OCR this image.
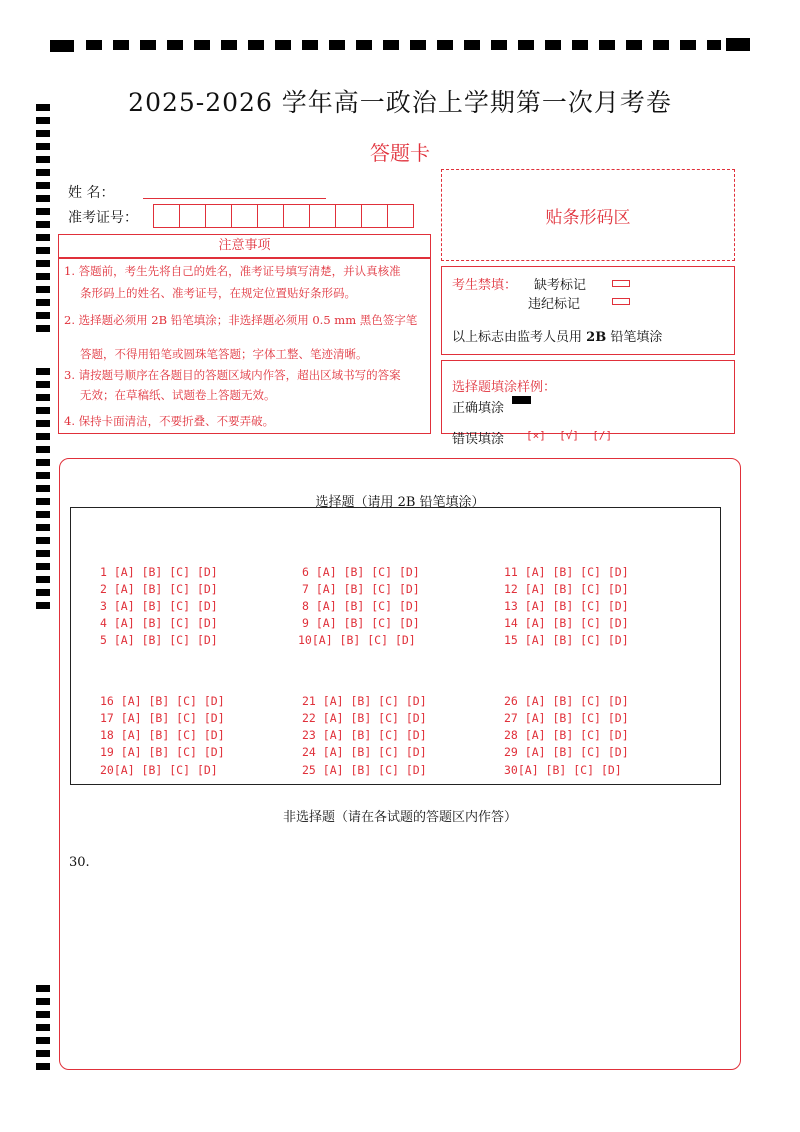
2025-2026 学年高一政治上学期第一次月考卷
答题卡
姓 名：
准考证号：	贴条形码区
注意事项
1. 答题前，考生先将自己的姓名，准考证号填写清楚，并认真核准
条形码上的姓名、准考证号，在规定位置贴好条形码。
2. 选择题必须用 2B 铅笔填涂；非选择题必须用 0.5 mm 黑色签字笔
答题，不得用铅笔或圆珠笔答题；字体工整、笔迹清晰。
3. 请按题号顺序在各题目的答题区域内作答，超出区域书写的答案
无效；在草稿纸、试题卷上答题无效。
4. 保持卡面清洁，不要折叠、不要弄破。
考生禁填： 缺考标记
违纪标记
以上标志由监考人员用 2B 铅笔填涂
选择题填涂样例：
正确填涂
错误填涂 [×]  [√]  [/]
选择题（请用 2B 铅笔填涂）
1 [A] [B] [C] [D]
2 [A] [B] [C] [D]
3 [A] [B] [C] [D]
4 [A] [B] [C] [D]
5 [A] [B] [C] [D]
6 [A] [B] [C] [D]
7 [A] [B] [C] [D]
8 [A] [B] [C] [D]
9 [A] [B] [C] [D]
10[A] [B] [C] [D]
11 [A] [B] [C] [D]
12 [A] [B] [C] [D]
13 [A] [B] [C] [D]
14 [A] [B] [C] [D]
15 [A] [B] [C] [D]
16 [A] [B] [C] [D]
17 [A] [B] [C] [D]
18 [A] [B] [C] [D]
19 [A] [B] [C] [D]
20[A] [B] [C] [D]
21 [A] [B] [C] [D]
22 [A] [B] [C] [D]
23 [A] [B] [C] [D]
24 [A] [B] [C] [D]
25 [A] [B] [C] [D]
26 [A] [B] [C] [D]
27 [A] [B] [C] [D]
28 [A] [B] [C] [D]
29 [A] [B] [C] [D]
30[A] [B] [C] [D]
非选择题（请在各试题的答题区内作答）
30.
